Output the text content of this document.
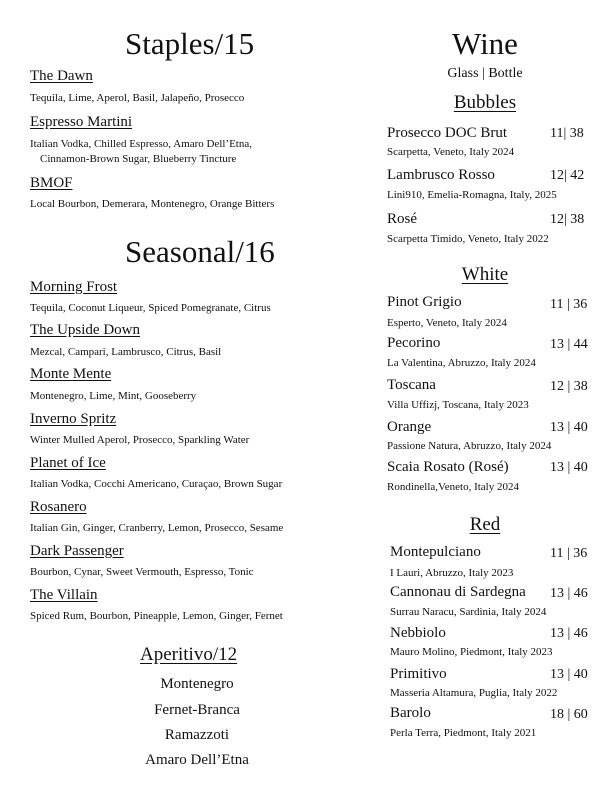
Staples/15
The Dawn
Tequila, Lime, Aperol, Basil, Jalapeño, Prosecco
Espresso Martini
Italian Vodka, Chilled Espresso, Amaro Dell’Etna,
Cinnamon-Brown Sugar, Blueberry Tincture
BMOF
Local Bourbon, Demerara, Montenegro, Orange Bitters
Seasonal/16
Morning Frost
Tequila, Coconut Liqueur, Spiced Pomegranate, Citrus
The Upside Down
Mezcal, Campari, Lambrusco, Citrus, Basil
Monte Mente
Montenegro, Lime, Mint, Gooseberry
Inverno Spritz
Winter Mulled Aperol, Prosecco, Sparkling Water
Planet of Ice
Italian Vodka, Cocchi Americano, Curaçao, Brown Sugar
Rosanero
Italian Gin, Ginger, Cranberry, Lemon, Prosecco, Sesame
Dark Passenger
Bourbon, Cynar, Sweet Vermouth, Espresso, Tonic
The Villain
Spiced Rum, Bourbon, Pineapple, Lemon, Ginger, Fernet
Aperitivo/12
Montenegro
Fernet-Branca
Ramazzoti
Amaro Dell’Etna
Wine
Glass | Bottle
Bubbles
Prosecco DOC Brut	11| 38
Scarpetta, Veneto, Italy 2024
Lambrusco Rosso	12| 42
Lini910, Emelia-Romagna, Italy, 2025
Rosé	12| 38
Scarpetta Timido, Veneto, Italy 2022
White
Pinot Grigio	11 | 36
Esperto, Veneto, Italy 2024
Pecorino	13 | 44
La Valentina, Abruzzo, Italy 2024
Toscana	12 | 38
Villa Uffizj, Toscana, Italy 2023
Orange	13 | 40
Passione Natura, Abruzzo, Italy 2024
Scaia Rosato (Rosé)	13 | 40
Rondinella,Veneto, Italy 2024
Red
Montepulciano	11 | 36
I Lauri, Abruzzo, Italy 2023
Cannonau di Sardegna 13 | 46
Surrau Naracu, Sardinia, Italy 2024
Nebbiolo	13 | 46
Mauro Molino, Piedmont, Italy 2023
Primitivo	13 | 40
Masseria Altamura, Puglia, Italy 2022
Barolo	18 | 60
Perla Terra, Piedmont, Italy 2021
